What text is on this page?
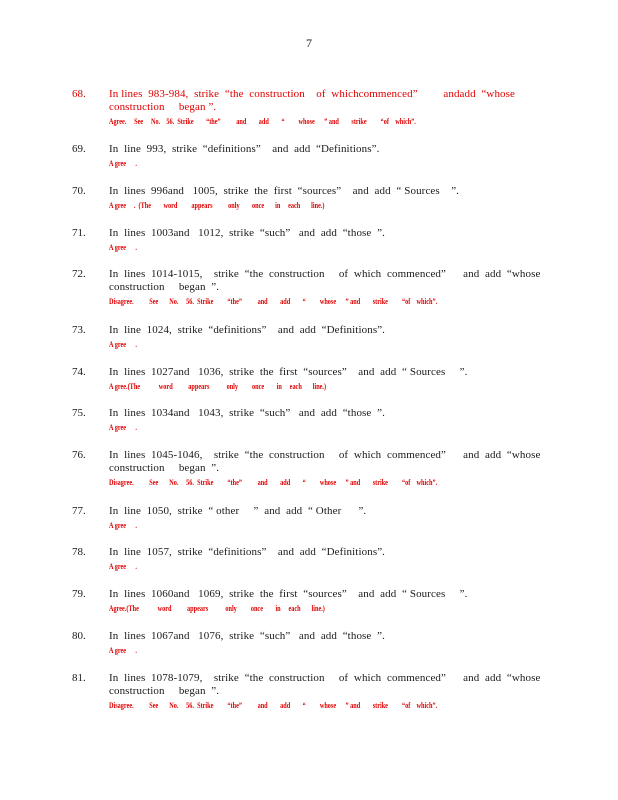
7
68. In lines  983-984,  strike  “the  construction    of  whichcommenced”         andadd  “whose
construction     began ”.
Agree.     See     No.    56.  Strike        “the”          and        add        “         whose      ” and        strike         “of    which”.
69. In  line  993,  strike  “definitions”    and  add  “Definitions”.
A gree      .
70. In  lines  996and   1005,  strike  the  first  “sources”    and  add  “ Sources    ”.
A gree     .  (The        word         appears          only        once       in     each       line.)
71. In  lines  1003and   1012,  strike  “such”   and  add  “those  ”.
A gree      .
72. In  lines  1014-1015,    strike  “the  construction     of  which  commenced”      and  add  “whose
construction     began  ”.
Disagree.          See       No.     56.  Strike         “the”          and        add        “         whose      ” and        strike         “of    which”.
73. In  line  1024,  strike  “definitions”    and  add  “Definitions”.
A gree      .
74. In  lines  1027and   1036,  strike  the  first  “sources”    and  add  “ Sources     ”.
A gree.(The            word          appears           only         once        in     each       line.)
75. In  lines  1034and   1043,  strike  “such”   and  add  “those  ”.
A gree      .
76. In  lines  1045-1046,    strike  “the  construction     of  which  commenced”      and  add  “whose
construction     began  ”.
Disagree.          See       No.     56.  Strike         “the”          and        add        “         whose      ” and        strike         “of    which”.
77. In  line  1050,  strike  “ other     ”  and  add  “ Other      ”.
A gree      .
78. In  line  1057,  strike  “definitions”    and  add  “Definitions”.
A gree      .
79. In  lines  1060and   1069,  strike  the  first  “sources”    and  add  “ Sources     ”.
Agree.(The            word          appears           only         once        in     each       line.)
80. In  lines  1067and   1076,  strike  “such”   and  add  “those  ”.
A gree      .
81. In  lines  1078-1079,    strike  “the  construction     of  which  commenced”      and  add  “whose
construction     began  ”.
Disagree.          See       No.     56.  Strike         “the”          and        add        “         whose      ” and        strike         “of    which”.
